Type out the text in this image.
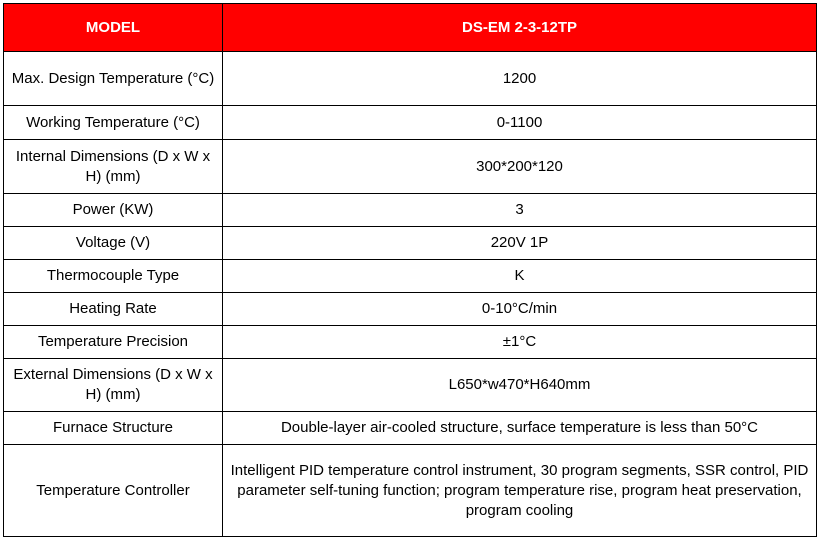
MODEL	DS-EM 2-3-12TP
Max. Design Temperature (°C)	1200
Working Temperature (°C)	0-1100
Internal Dimensions (D x W x H) (mm)	300*200*120
Power (KW)	3
Voltage (V)	220V 1P
Thermocouple Type	K
Heating Rate	0-10°C/min
Temperature Precision	±1°C
External Dimensions (D x W x H) (mm)	L650*w470*H640mm
Furnace Structure	Double-layer air-cooled structure, surface temperature is less than 50°C
Temperature Controller	Intelligent PID temperature control instrument, 30 program segments, SSR control, PID parameter self-tuning function; program temperature rise, program heat preservation, program cooling
